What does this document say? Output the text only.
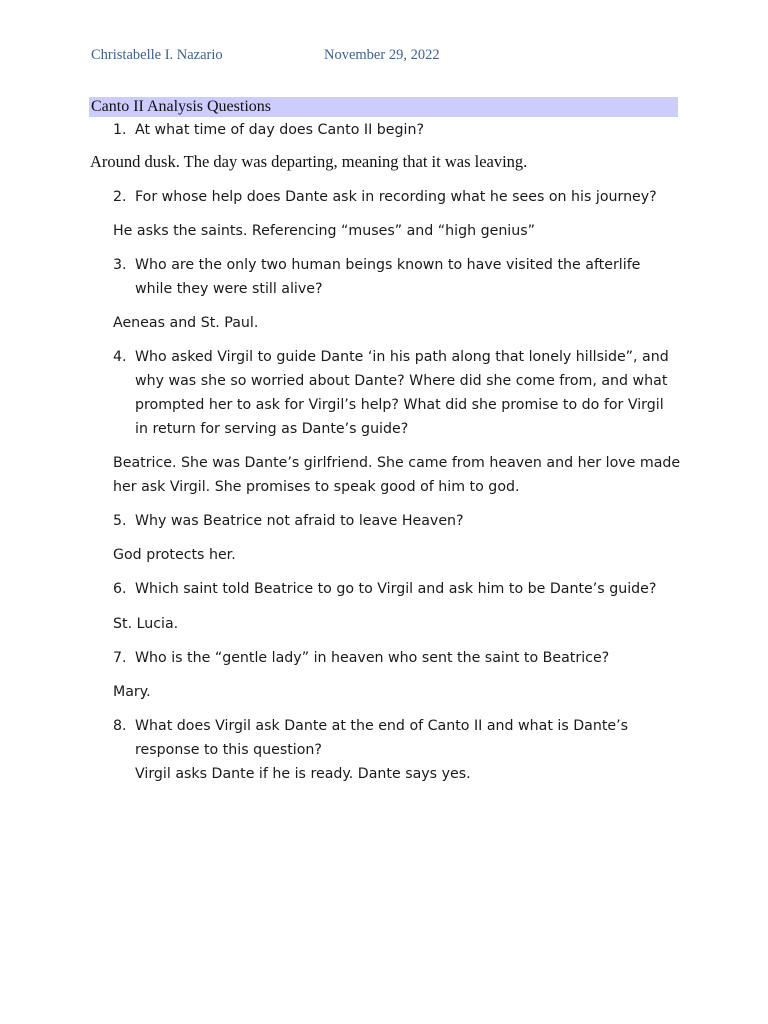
Christabelle I. Nazario	November 29, 2022
Canto II Analysis Questions
1. At what time of day does Canto II begin?
Around dusk. The day was departing, meaning that it was leaving.
2. For whose help does Dante ask in recording what he sees on his journey?
He asks the saints. Referencing “muses” and “high genius”
3. Who are the only two human beings known to have visited the afterlife
while they were still alive?
Aeneas and St. Paul.
4. Who asked Virgil to guide Dante ‘in his path along that lonely hillside”, and
why was she so worried about Dante? Where did she come from, and what
prompted her to ask for Virgil’s help? What did she promise to do for Virgil
in return for serving as Dante’s guide?
Beatrice. She was Dante’s girlfriend. She came from heaven and her love made
her ask Virgil. She promises to speak good of him to god.
5. Why was Beatrice not afraid to leave Heaven?
God protects her.
6. Which saint told Beatrice to go to Virgil and ask him to be Dante’s guide?
St. Lucia.
7. Who is the “gentle lady” in heaven who sent the saint to Beatrice?
Mary.
8. What does Virgil ask Dante at the end of Canto II and what is Dante’s
response to this question?
Virgil asks Dante if he is ready. Dante says yes.
